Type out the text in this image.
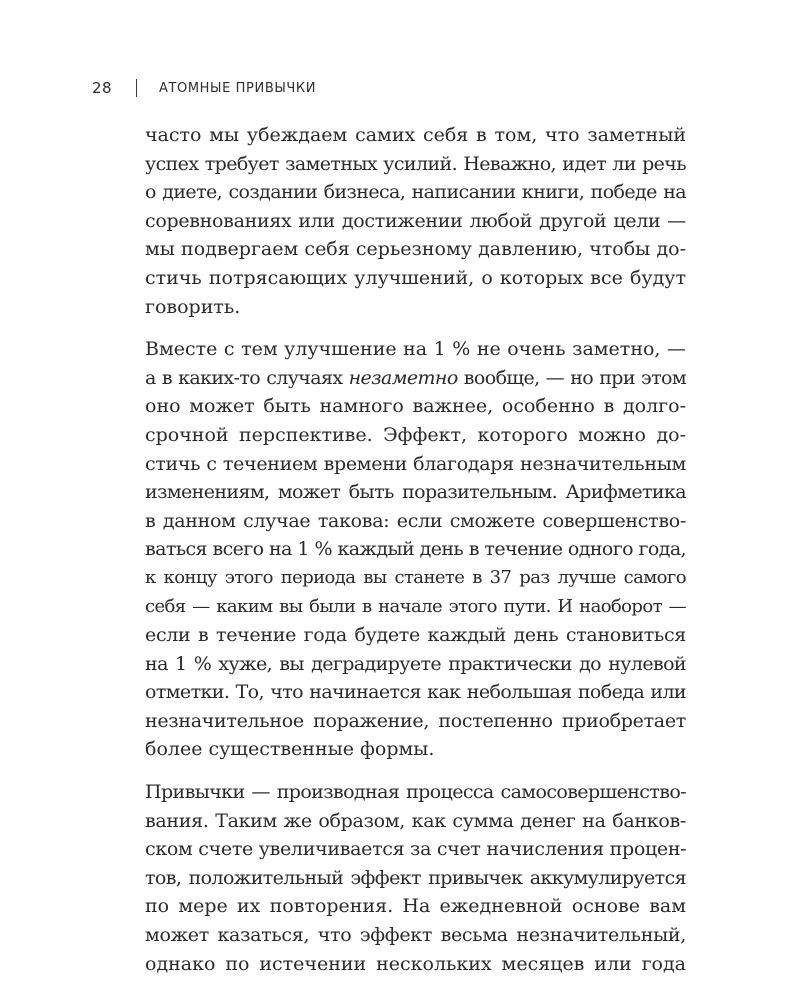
28	АТОМНЫЕ ПРИВЫЧКИ

часто мы убеждаем самих себя в том, что заметный
успех требует заметных усилий. Неважно, идет ли речь
о диете, создании бизнеса, написании книги, победе на
соревнованиях или достижении любой другой цели —
мы подвергаем себя серьезному давлению, чтобы до-
стичь потрясающих улучшений, о которых все будут
говорить.

Вместе с тем улучшение на 1 % не очень заметно, —
а в каких-то случаях незаметно вообще, — но при этом
оно может быть намного важнее, особенно в долго-
срочной перспективе. Эффект, которого можно до-
стичь с течением времени благодаря незначительным
изменениям, может быть поразительным. Арифметика
в данном случае такова: если сможете совершенство-
ваться всего на 1 % каждый день в течение одного года,
к концу этого периода вы станете в 37 раз лучше самого
себя — каким вы были в начале этого пути. И наоборот —
если в течение года будете каждый день становиться
на 1 % хуже, вы деградируете практически до нулевой
отметки. То, что начинается как небольшая победа или
незначительное поражение, постепенно приобретает
более существенные формы.

Привычки — производная процесса самосовершенство-
вания. Таким же образом, как сумма денег на банков-
ском счете увеличивается за счет начисления процен-
тов, положительный эффект привычек аккумулируется
по мере их повторения. На ежедневной основе вам
может казаться, что эффект весьма незначительный,
однако по истечении нескольких месяцев или года
